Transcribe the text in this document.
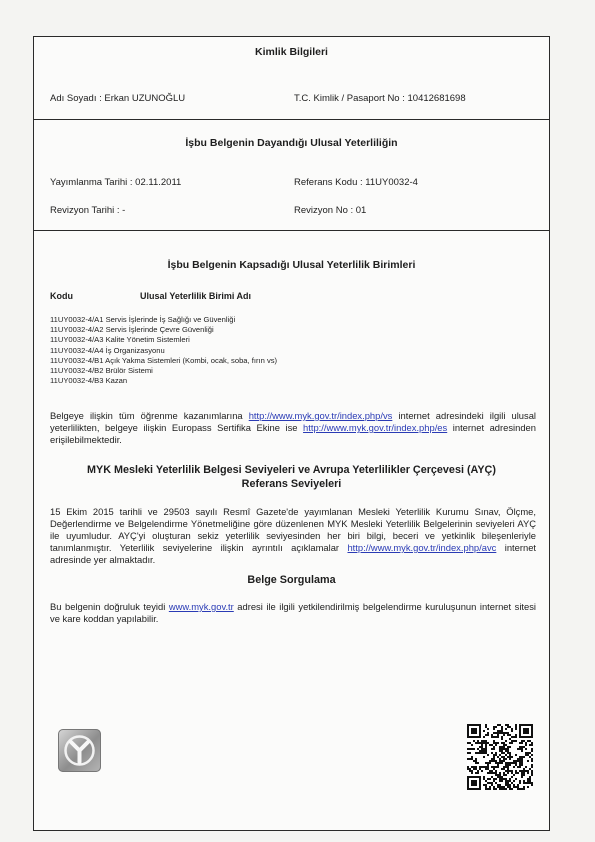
Kimlik Bilgileri
Adı Soyadı : Erkan UZUNOĞLU	T.C. Kimlik / Pasaport No : 10412681698
İşbu Belgenin Dayandığı Ulusal Yeterliliğin
Yayımlanma Tarihi : 02.11.2011	Referans Kodu : 11UY0032-4
Revizyon Tarihi : -	Revizyon No : 01
İşbu Belgenin Kapsadığı Ulusal Yeterlilik Birimleri
Kodu	Ulusal Yeterlilik Birimi Adı
11UY0032-4/A1 Servis İşlerinde İş Sağlığı ve Güvenliği
11UY0032-4/A2 Servis İşlerinde Çevre Güvenliği
11UY0032-4/A3 Kalite Yönetim Sistemleri
11UY0032-4/A4 İş Organizasyonu
11UY0032-4/B1 Açık Yakma Sistemleri (Kombi, ocak, soba, fırın vs)
11UY0032-4/B2 Brülör Sistemi
11UY0032-4/B3 Kazan
Belgeye ilişkin tüm öğrenme kazanımlarına http://www.myk.gov.tr/index.php/vs internet adresindeki ilgili ulusal yeterlilikten, belgeye ilişkin Europass Sertifika Ekine ise http://www.myk.gov.tr/index.php/es internet adresinden erişilebilmektedir.
MYK Mesleki Yeterlilik Belgesi Seviyeleri ve Avrupa Yeterlilikler Çerçevesi (AYÇ)
Referans Seviyeleri
15 Ekim 2015 tarihli ve 29503 sayılı Resmî Gazete'de yayımlanan Mesleki Yeterlilik Kurumu Sınav, Ölçme, Değerlendirme ve Belgelendirme Yönetmeliğine göre düzenlenen MYK Mesleki Yeterlilik Belgelerinin seviyeleri AYÇ ile uyumludur. AYÇ'yi oluşturan sekiz yeterlilik seviyesinden her biri bilgi, beceri ve yetkinlik bileşenleriyle tanımlanmıştır. Yeterlilik seviyelerine ilişkin ayrıntılı açıklamalar http://www.myk.gov.tr/index.php/avc internet adresinde yer almaktadır.
Belge Sorgulama
Bu belgenin doğruluk teyidi www.myk.gov.tr adresi ile ilgili yetkilendirilmiş belgelendirme kuruluşunun internet sitesi ve kare koddan yapılabilir.
